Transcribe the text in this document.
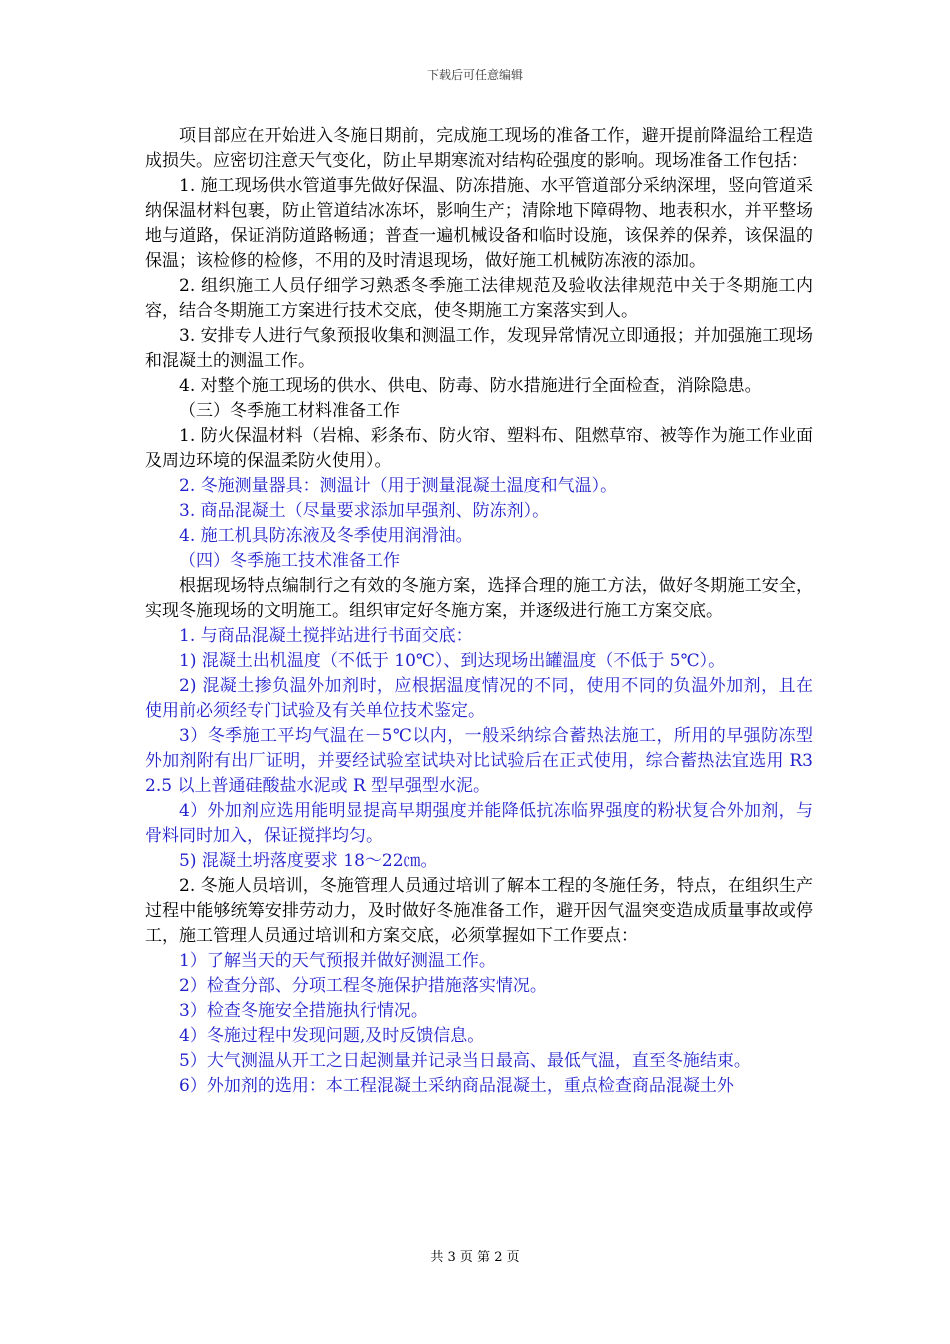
下载后可任意编辑

项目部应在开始进入冬施日期前，完成施工现场的准备工作，避开提前降温给工程造成损失。应密切注意天气变化，防止早期寒流对结构砼强度的影响。现场准备工作包括：

1. 施工现场供水管道事先做好保温、防冻措施、水平管道部分采纳深埋，竖向管道采纳保温材料包裹，防止管道结冰冻坏，影响生产；清除地下障碍物、地表积水，并平整场地与道路，保证消防道路畅通；普查一遍机械设备和临时设施，该保养的保养，该保温的保温；该检修的检修，不用的及时清退现场，做好施工机械防冻液的添加。

2. 组织施工人员仔细学习熟悉冬季施工法律规范及验收法律规范中关于冬期施工内容，结合冬期施工方案进行技术交底，使冬期施工方案落实到人。

3. 安排专人进行气象预报收集和测温工作，发现异常情况立即通报；并加强施工现场和混凝土的测温工作。

4. 对整个施工现场的供水、供电、防毒、防水措施进行全面检查，消除隐患。

（三）冬季施工材料准备工作

1. 防火保温材料（岩棉、彩条布、防火帘、塑料布、阻燃草帘、被等作为施工作业面及周边环境的保温柔防火使用）。

2. 冬施测量器具：测温计（用于测量混凝土温度和气温）。

3. 商品混凝土（尽量要求添加早强剂、防冻剂）。

4. 施工机具防冻液及冬季使用润滑油。

（四）冬季施工技术准备工作

根据现场特点编制行之有效的冬施方案，选择合理的施工方法，做好冬期施工安全，实现冬施现场的文明施工。组织审定好冬施方案，并逐级进行施工方案交底。

1. 与商品混凝土搅拌站进行书面交底：

1) 混凝土出机温度（不低于 10℃）、到达现场出罐温度（不低于 5℃）。

2) 混凝土掺负温外加剂时，应根据温度情况的不同，使用不同的负温外加剂，且在使用前必须经专门试验及有关单位技术鉴定。

3）冬季施工平均气温在－5℃以内，一般采纳综合蓄热法施工，所用的早强防冻型外加剂附有出厂证明，并要经试验室试块对比试验后在正式使用，综合蓄热法宜选用 R32.5 以上普通硅酸盐水泥或 R 型早强型水泥。

4）外加剂应选用能明显提高早期强度并能降低抗冻临界强度的粉状复合外加剂，与骨料同时加入，保证搅拌均匀。

5) 混凝土坍落度要求 18～22㎝。

2. 冬施人员培训，冬施管理人员通过培训了解本工程的冬施任务，特点，在组织生产过程中能够统筹安排劳动力，及时做好冬施准备工作，避开因气温突变造成质量事故或停工，施工管理人员通过培训和方案交底，必须掌握如下工作要点：

1）了解当天的天气预报并做好测温工作。

2）检查分部、分项工程冬施保护措施落实情况。

3）检查冬施安全措施执行情况。

4）冬施过程中发现问题,及时反馈信息。

5）大气测温从开工之日起测量并记录当日最高、最低气温，直至冬施结束。

6）外加剂的选用：本工程混凝土采纳商品混凝土，重点检查商品混凝土外

共 3 页 第 2 页
